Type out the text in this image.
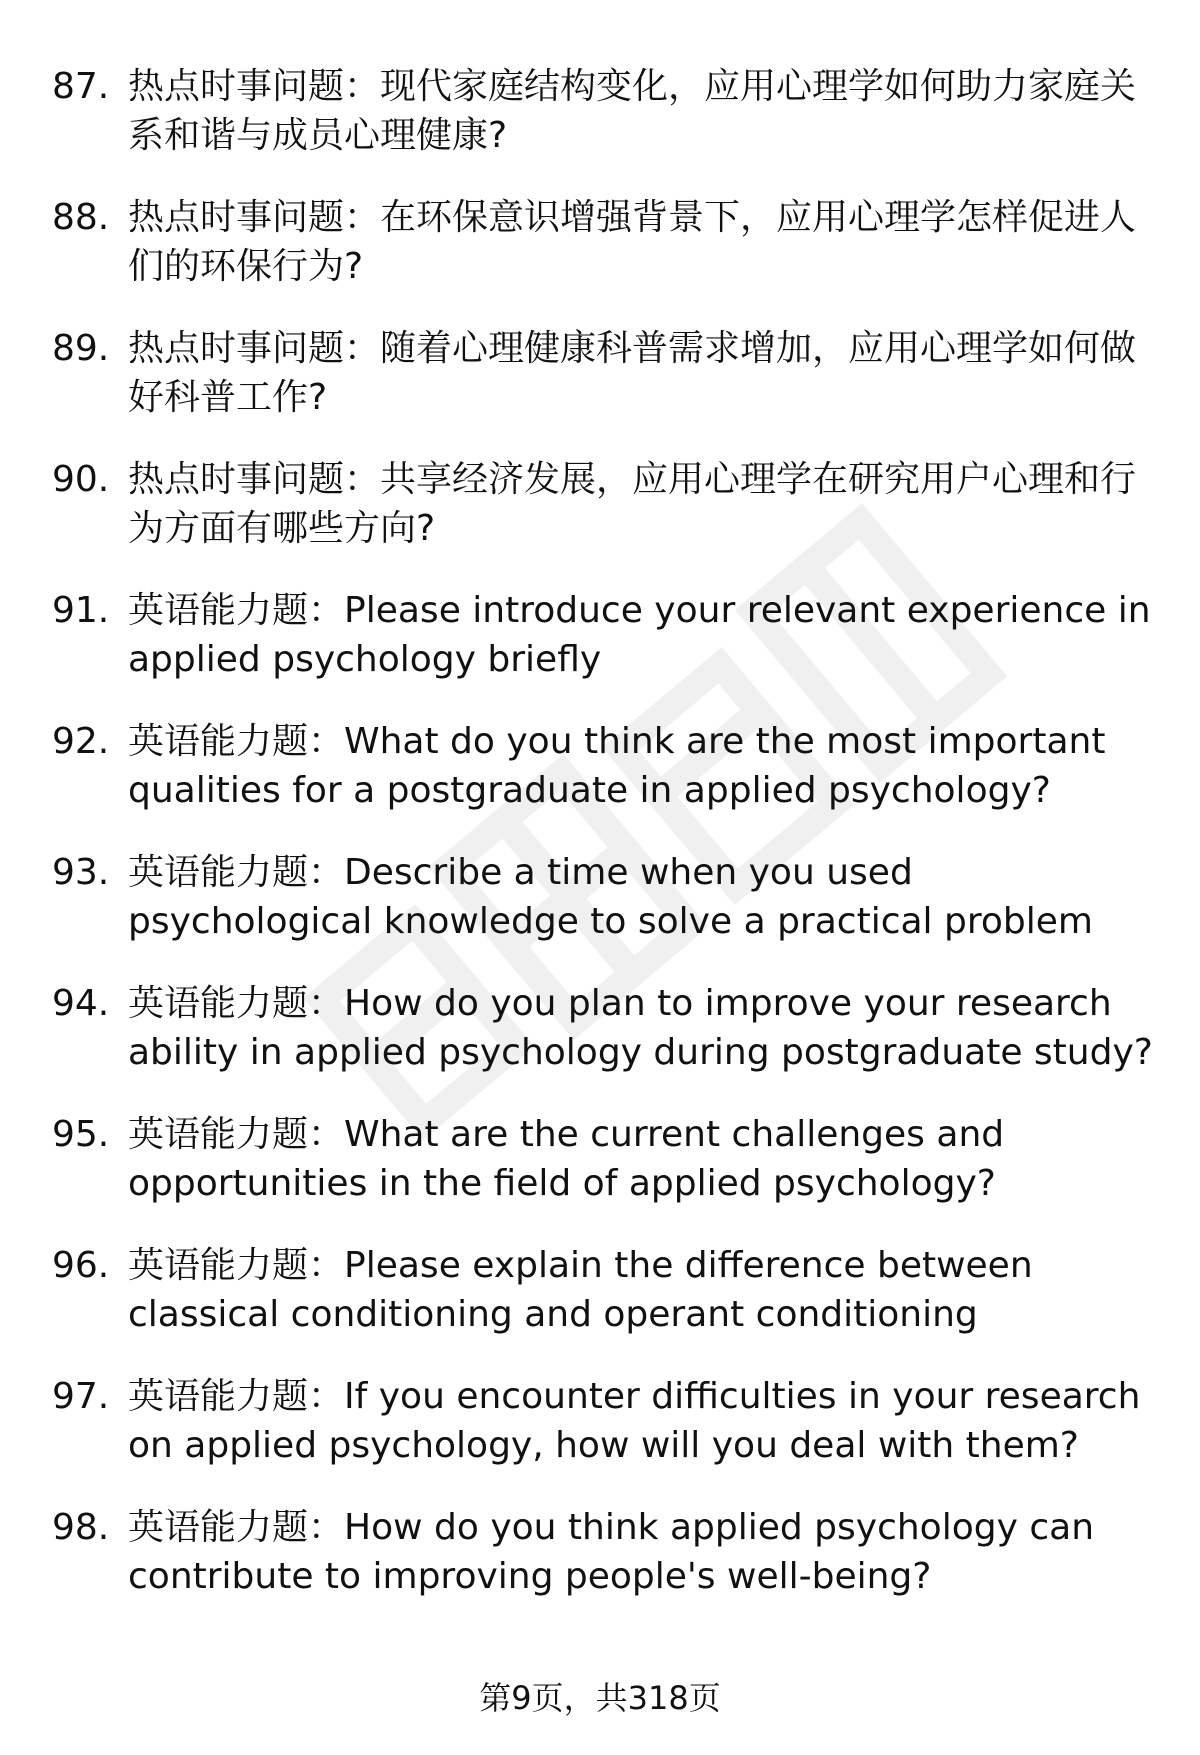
87. 热点时事问题：现代家庭结构变化，应用心理学如何助力家庭关系和谐与成员心理健康?
88. 热点时事问题：在环保意识增强背景下，应用心理学怎样促进人们的环保行为?
89. 热点时事问题：随着心理健康科普需求增加，应用心理学如何做好科普工作?
90. 热点时事问题：共享经济发展，应用心理学在研究用户心理和行为方面有哪些方向?
91. 英语能力题：Please introduce your relevant experience in applied psychology briefly
92. 英语能力题：What do you think are the most important qualities for a postgraduate in applied psychology?
93. 英语能力题：Describe a time when you used psychological knowledge to solve a practical problem
94. 英语能力题：How do you plan to improve your research ability in applied psychology during postgraduate study?
95. 英语能力题：What are the current challenges and opportunities in the field of applied psychology?
96. 英语能力题：Please explain the difference between classical conditioning and operant conditioning
97. 英语能力题：If you encounter difficulties in your research on applied psychology, how will you deal with them?
98. 英语能力题：How do you think applied psychology can contribute to improving people's well-being?
第9页，共318页
